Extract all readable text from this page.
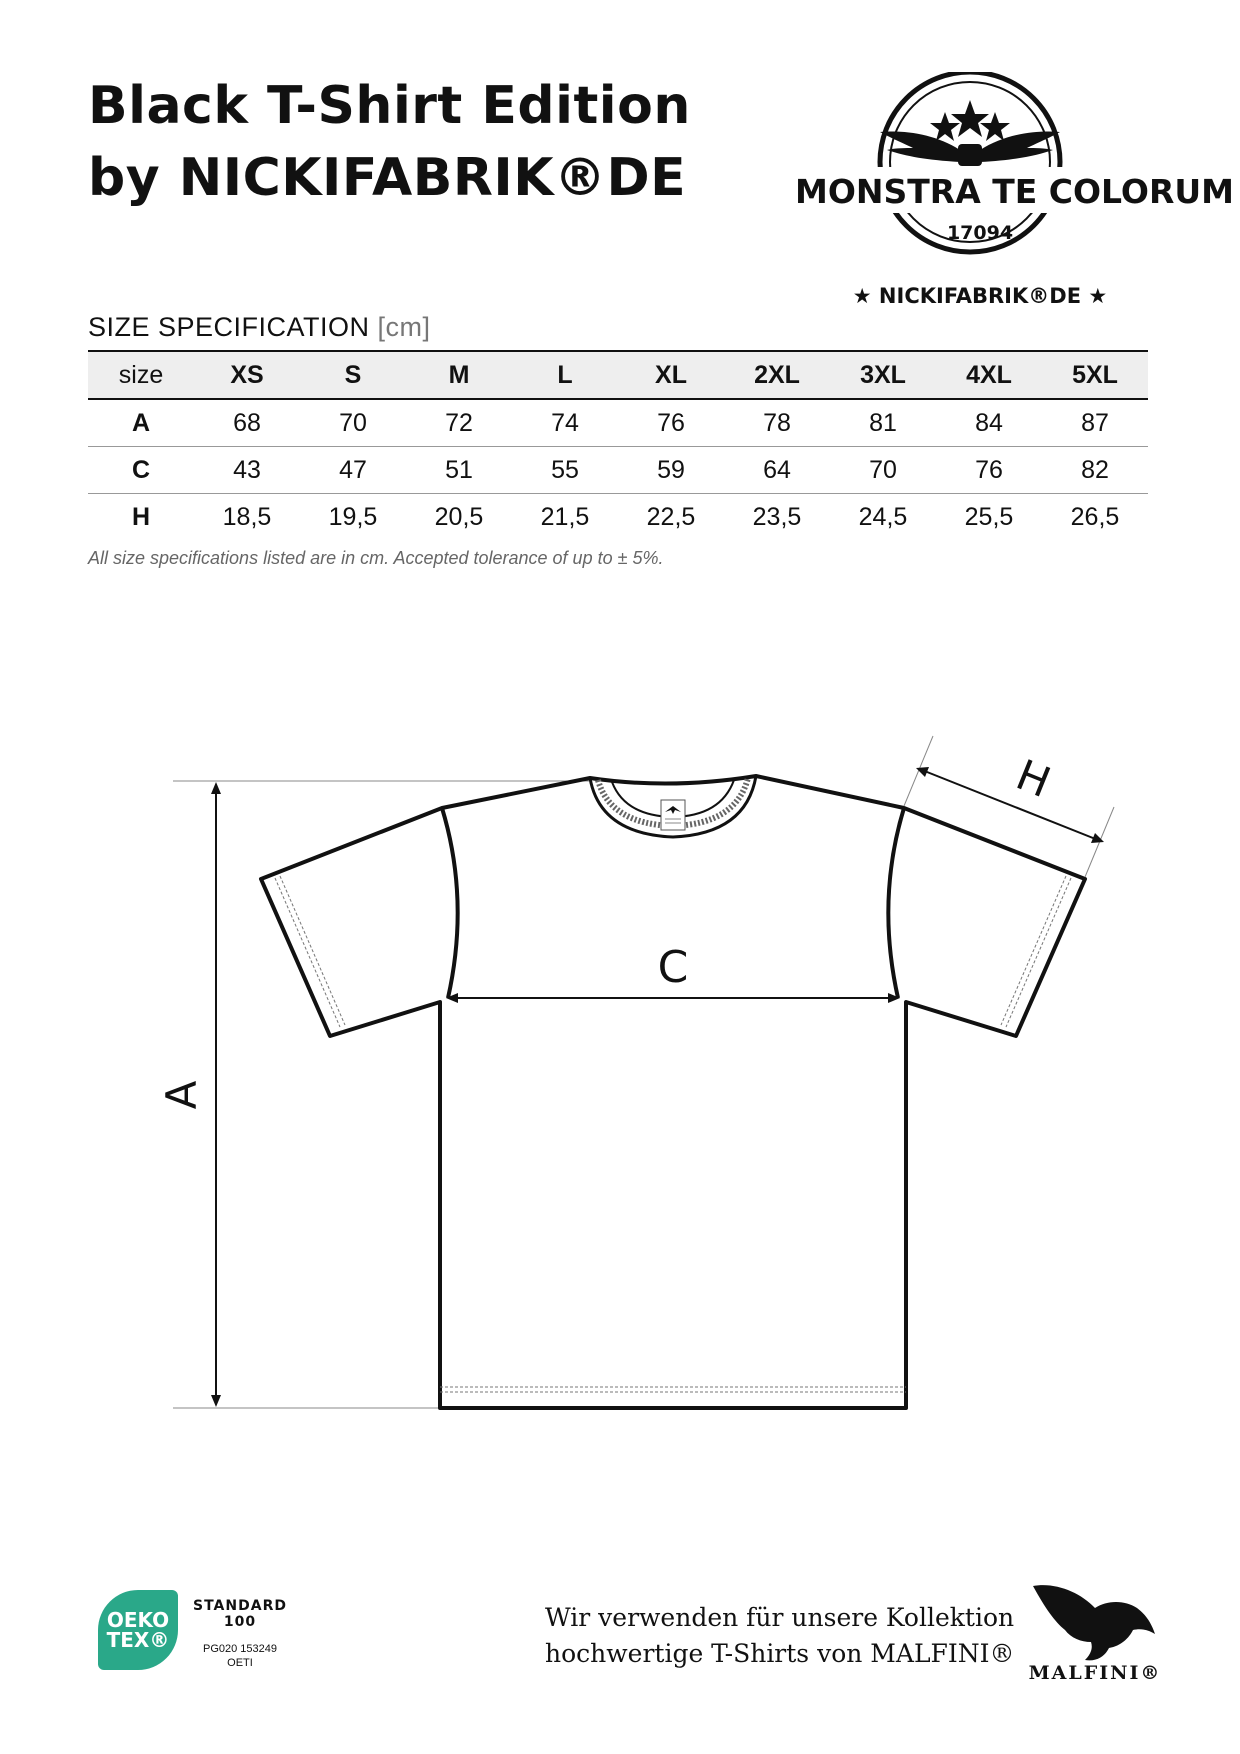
Black T-Shirt Edition
by NICKIFABRIK®DE	MONSTRA TE COLORUM
17094
★ NICKIFABRIK®DE ★
SIZE SPECIFICATION [cm]
size	XS	S	M	L	XL	2XL	3XL	4XL	5XL
A	68	70	72	74	76	78	81	84	87
C	43	47	51	55	59	64	70	76	82
H	18,5	19,5	20,5	21,5	22,5	23,5	24,5	25,5	26,5

All size specifications listed are in cm. Accepted tolerance of up to ± 5%.

A
C
H
OEKO
TEX®
STANDARD
100
PG020 153249
OETI

Wir verwenden für unsere Kollektion
hochwertige T-Shirts von MALFINI®

MALFINI®
